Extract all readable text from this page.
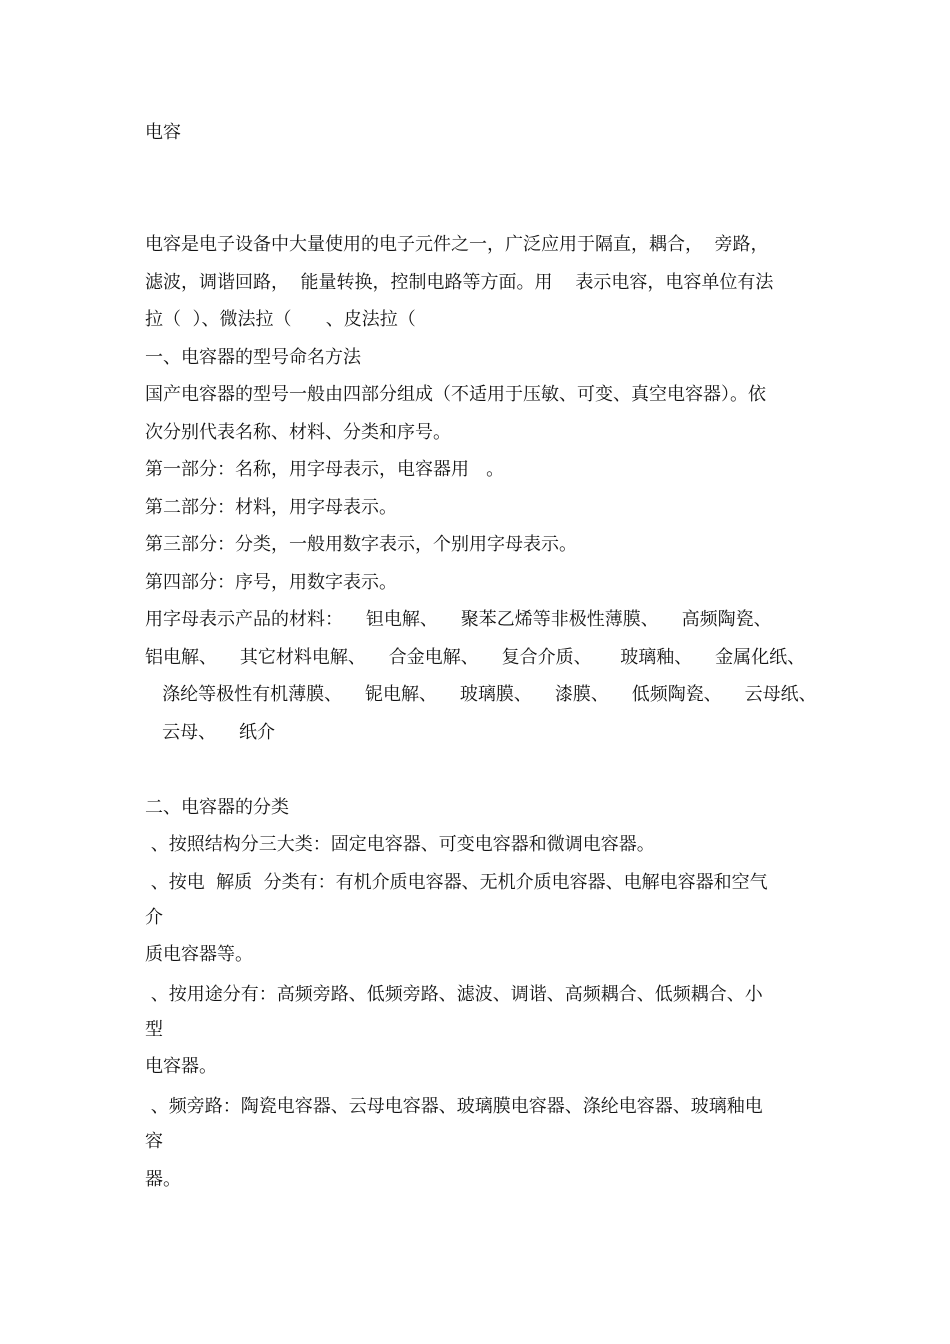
电容

电容是电子设备中大量使用的电子元件之一，广泛应用于隔直，耦合，  旁路，

滤波，调谐回路，  能量转换，控制电路等方面。用    表示电容，电容单位有法

拉（  ）、微法拉（      、皮法拉（

一、电容器的型号命名方法

国产电容器的型号一般由四部分组成（不适用于压敏、可变、真空电容器）。依

次分别代表名称、材料、分类和序号。

第一部分：名称，用字母表示，电容器用   。

第二部分：材料，用字母表示。

第三部分：分类，一般用数字表示，个别用字母表示。

第四部分：序号，用数字表示。

用字母表示产品的材料：    钽电解、    聚苯乙烯等非极性薄膜、    高频陶瓷、

铝电解、    其它材料电解、    合金电解、    复合介质、     玻璃釉、    金属化纸、

涤纶等极性有机薄膜、    铌电解、    玻璃膜、    漆膜、    低频陶瓷、    云母纸、

云母、    纸介

二、电容器的分类

、按照结构分三大类：固定电容器、可变电容器和微调电容器。

、按电  解质  分类有：有机介质电容器、无机介质电容器、电解电容器和空气

介

质电容器等。

、按用途分有：高频旁路、低频旁路、滤波、调谐、高频耦合、低频耦合、小

型

电容器。

、频旁路：陶瓷电容器、云母电容器、玻璃膜电容器、涤纶电容器、玻璃釉电

容

器。
